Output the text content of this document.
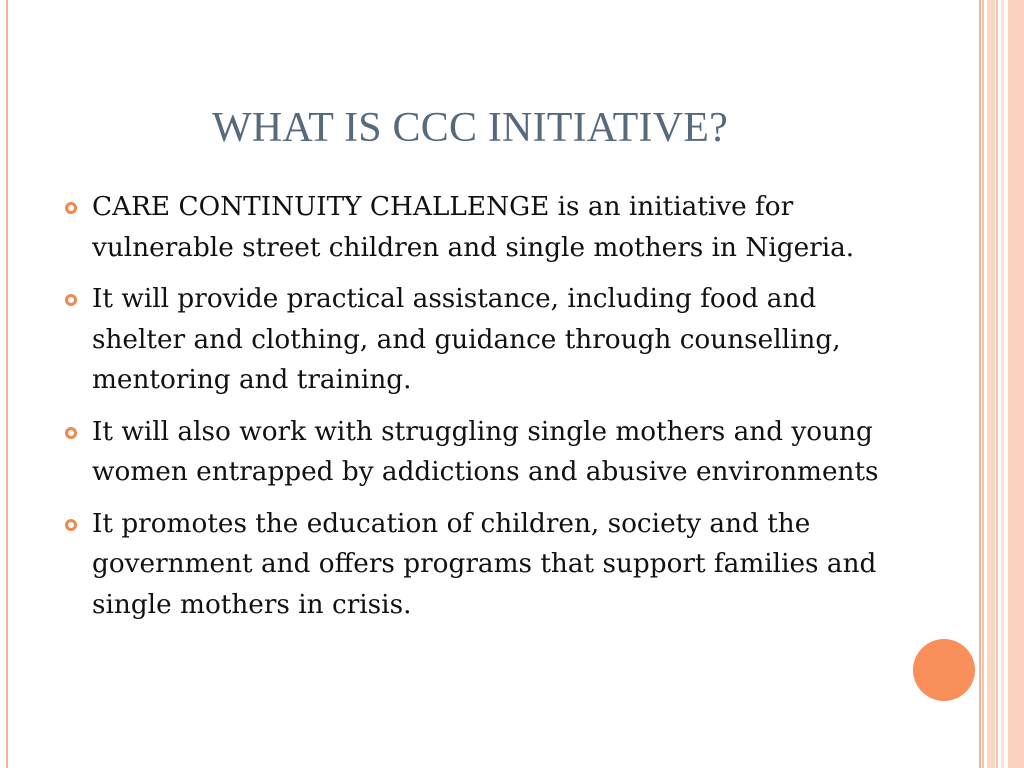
WHAT IS CCC INITIATIVE?
CARE CONTINUITY CHALLENGE is an initiative for vulnerable street children and single mothers in Nigeria.
It will provide practical assistance, including food and shelter and clothing, and guidance through counselling, mentoring and training.
It will also work with struggling single mothers and young women entrapped by addictions and abusive environments
It promotes the education of children, society and the government and offers programs that support families and single mothers in crisis.
